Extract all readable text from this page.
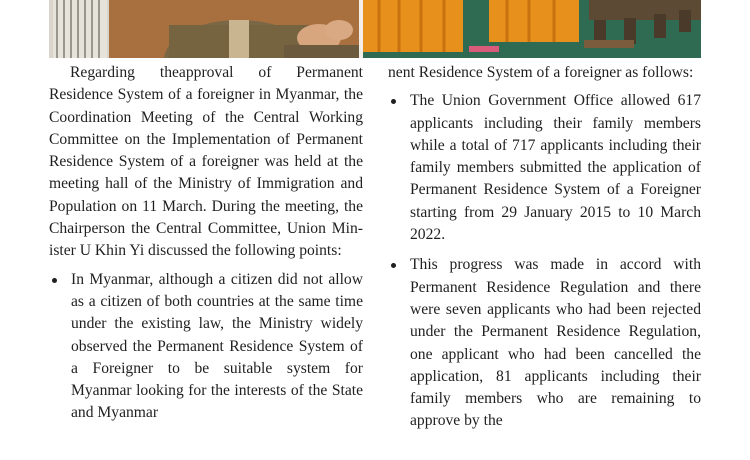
Regarding theapproval of Permanent Residence System of a foreigner in Myanmar, the Coordination Meeting of the Central Working Committee on the Implementation of Permanent Residence System of a foreigner was held at the meeting hall of the Ministry of Immigration and Population on 11 March. During the meeting, the Chairperson the Central Committee, Union Minister U Khin Yi discussed the following points:

In Myanmar, although a citizen did not allow as a citizen of both countries at the same time under the existing law, the Ministry widely observed the Permanent Residence System of a Foreigner to be suitable system for Myanmar looking for the interests of the State and Myanmar

nent Residence System of a foreigner as follows:

The Union Government Office allowed 617 applicants including their family members while a total of 717 applicants including their family members submitted the application of Permanent Residence System of a Foreigner starting from 29 January 2015 to 10 March 2022.
This progress was made in accord with Permanent Residence Regulation and there were seven applicants who had been rejected under the Permanent Residence Regulation, one applicant who had been cancelled the application, 81 applicants including their family members who are remaining to approve by the
